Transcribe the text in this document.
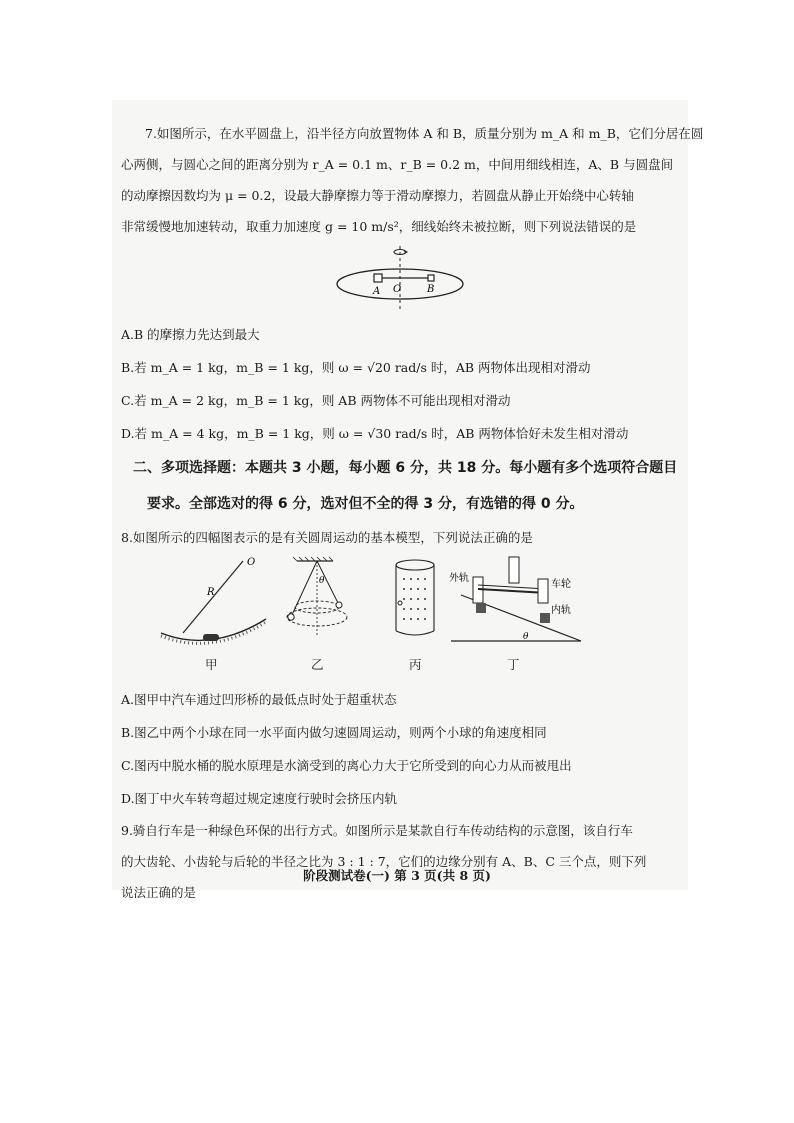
7.如图所示，在水平圆盘上，沿半径方向放置物体 A 和 B，质量分别为 m_A 和 m_B，它们分居在圆
心两侧，与圆心之间的距离分别为 r_A = 0.1 m、r_B = 0.2 m，中间用细线相连，A、B 与圆盘间
的动摩擦因数均为 μ = 0.2，设最大静摩擦力等于滑动摩擦力，若圆盘从静止开始绕中心转轴
非常缓慢地加速转动，取重力加速度 g = 10 m/s²，细线始终未被拉断，则下列说法错误的是
A O	B
A.B 的摩擦力先达到最大
B.若 m_A = 1 kg，m_B = 1 kg，则 ω = √20 rad/s 时，AB 两物体出现相对滑动
C.若 m_A = 2 kg，m_B = 1 kg，则 AB 两物体不可能出现相对滑动
D.若 m_A = 4 kg，m_B = 1 kg，则 ω = √30 rad/s 时，AB 两物体恰好未发生相对滑动
二、多项选择题：本题共 3 小题，每小题 6 分，共 18 分。每小题有多个选项符合题目
要求。全部选对的得 6 分，选对但不全的得 3 分，有选错的得 0 分。
8.如图所示的四幅图表示的是有关圆周运动的基本模型，下列说法正确的是
O
R
θ	外轨
车轮
内轨
θ
甲	乙	丙	丁
A.图甲中汽车通过凹形桥的最低点时处于超重状态
B.图乙中两个小球在同一水平面内做匀速圆周运动，则两个小球的角速度相同
C.图丙中脱水桶的脱水原理是水滴受到的离心力大于它所受到的向心力从而被甩出
D.图丁中火车转弯超过规定速度行驶时会挤压内轨
9.骑自行车是一种绿色环保的出行方式。如图所示是某款自行车传动结构的示意图，该自行车
的大齿轮、小齿轮与后轮的半径之比为 3 : 1 : 7，它们的边缘分别有 A、B、C 三个点，则下列
说法正确的是
阶段测试卷(一) 第 3 页(共 8 页)
